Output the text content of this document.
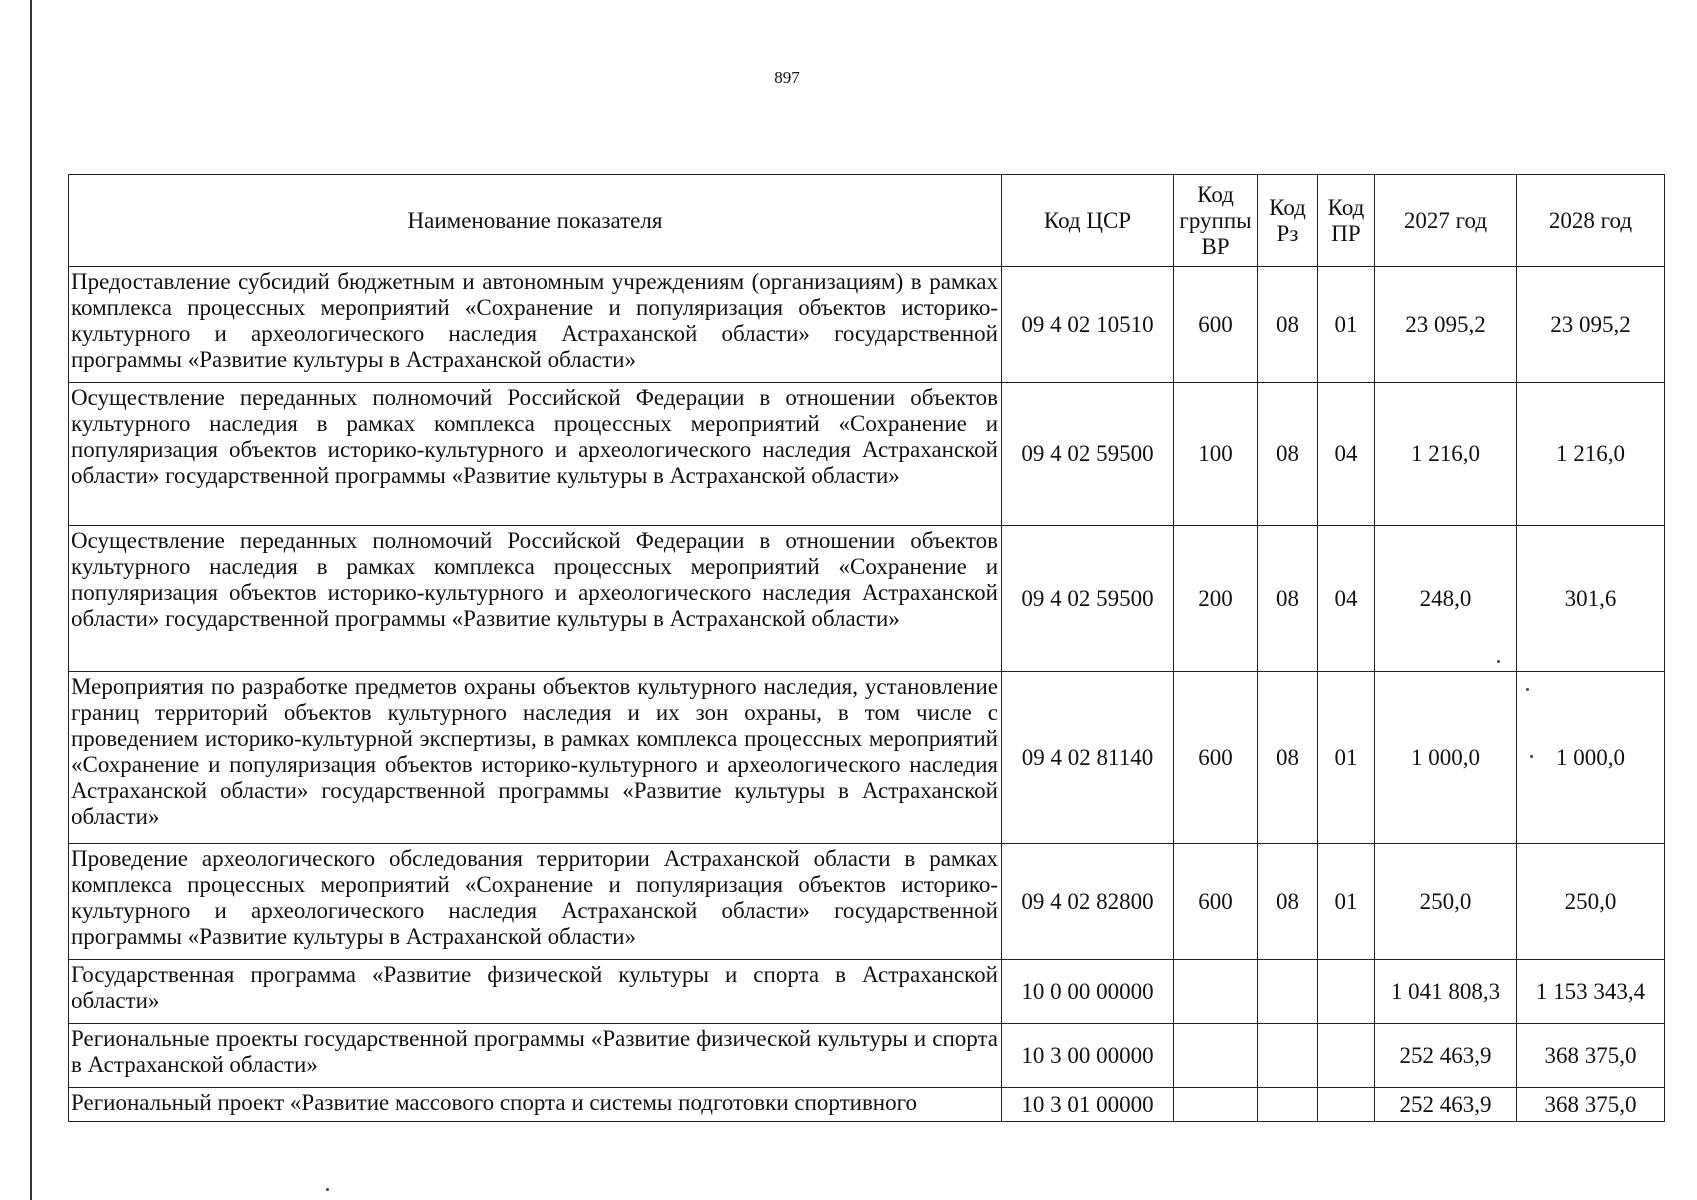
897
Наименование показателя	Код ЦСР	Код группы ВР	Код Рз	Код ПР	2027 год	2028 год
Предоставление субсидий бюджетным и автономным учреждениям (организациям) в рамках комплекса процессных мероприятий «Сохранение и популяризация объектов историко-культурного и археологического наследия Астраханской области» государственной программы «Развитие культуры в Астраханской области»	09 4 02 10510	600	08	01	23 095,2	23 095,2
Осуществление переданных полномочий Российской Федерации в отношении объектов культурного наследия в рамках комплекса процессных мероприятий «Сохранение и популяризация объектов историко-культурного и археологического наследия Астраханской области» государственной программы «Развитие культуры в Астраханской области»	09 4 02 59500	100	08	04	1 216,0	1 216,0
Осуществление переданных полномочий Российской Федерации в отношении объектов культурного наследия в рамках комплекса процессных мероприятий «Сохранение и популяризация объектов историко-культурного и археологического наследия Астраханской области» государственной программы «Развитие культуры в Астраханской области»	09 4 02 59500	200	08	04	248,0	301,6
Мероприятия по разработке предметов охраны объектов культурного наследия, установление границ территорий объектов культурного наследия и их зон охраны, в том числе с проведением историко-культурной экспертизы, в рамках комплекса процессных мероприятий «Сохранение и популяризация объектов историко-культурного и археологического наследия Астраханской области» государственной программы «Развитие культуры в Астраханской области»	09 4 02 81140	600	08	01	1 000,0	1 000,0
Проведение археологического обследования территории Астраханской области в рамках комплекса процессных мероприятий «Сохранение и популяризация объектов историко-культурного и археологического наследия Астраханской области» государственной программы «Развитие культуры в Астраханской области»	09 4 02 82800	600	08	01	250,0	250,0
Государственная программа «Развитие физической культуры и спорта в Астраханской области»	10 0 00 00000				1 041 808,3	1 153 343,4
Региональные проекты государственной программы «Развитие физической культуры и спорта в Астраханской области»	10 3 00 00000				252 463,9	368 375,0
Региональный проект «Развитие массового спорта и системы подготовки спортивного	10 3 01 00000				252 463,9	368 375,0
